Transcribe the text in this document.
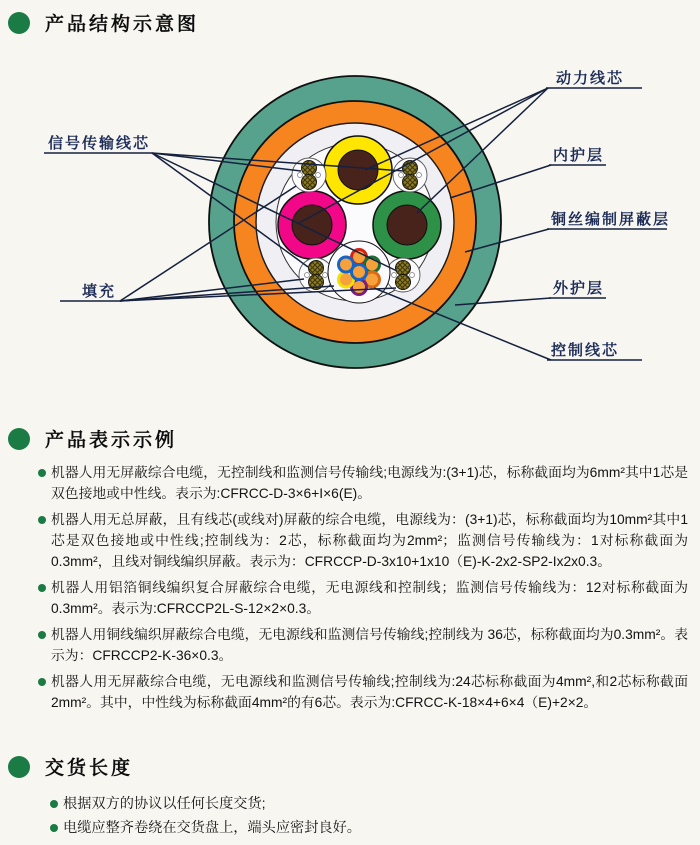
产品结构示意图
动力线芯
信号传输线芯
内护层
铜丝编制屏蔽层
外护层
填充
控制线芯
产品表示示例
机器人用无屏蔽综合电缆，无控制线和监测信号传输线;电源线为:(3+1)芯，标称截面均为6mm²其中1芯是双色接地或中性线。表示为:CFRCC-D-3×6+I×6(E)。
机器人用无总屏蔽，且有线芯(或线对)屏蔽的综合电缆，电源线为：(3+1)芯，标称截面均为10mm²其中1芯是双色接地或中性线;控制线为：2芯，标称截面均为2mm²；监测信号传输线为：1对标称截面为0.3mm²，且线对铜线编织屏蔽。表示为：CFRCCP-D-3x10+1x10（E)-K-2x2-SP2-Ix2x0.3。
机器人用铝箔铜线编织复合屏蔽综合电缆，无电源线和控制线；监测信号传输线为：12对标称截面为0.3mm²。表示为:CFRCCP2L-S-12×2×0.3。
机器人用铜线编织屏蔽综合电缆，无电源线和监测信号传输线;控制线为 36芯，标称截面均为0.3mm²。表示为：CFRCCP2-K-36×0.3。
机器人用无屏蔽综合电缆，无电源线和监测信号传输线;控制线为:24芯标称截面为4mm²,和2芯标称截面2mm²。其中，中性线为标称截面4mm²的有6芯。表示为:CFRCC-K-18×4+6×4（E)+2×2。
交货长度
根据双方的协议以任何长度交货;
电缆应整齐卷绕在交货盘上，端头应密封良好。
